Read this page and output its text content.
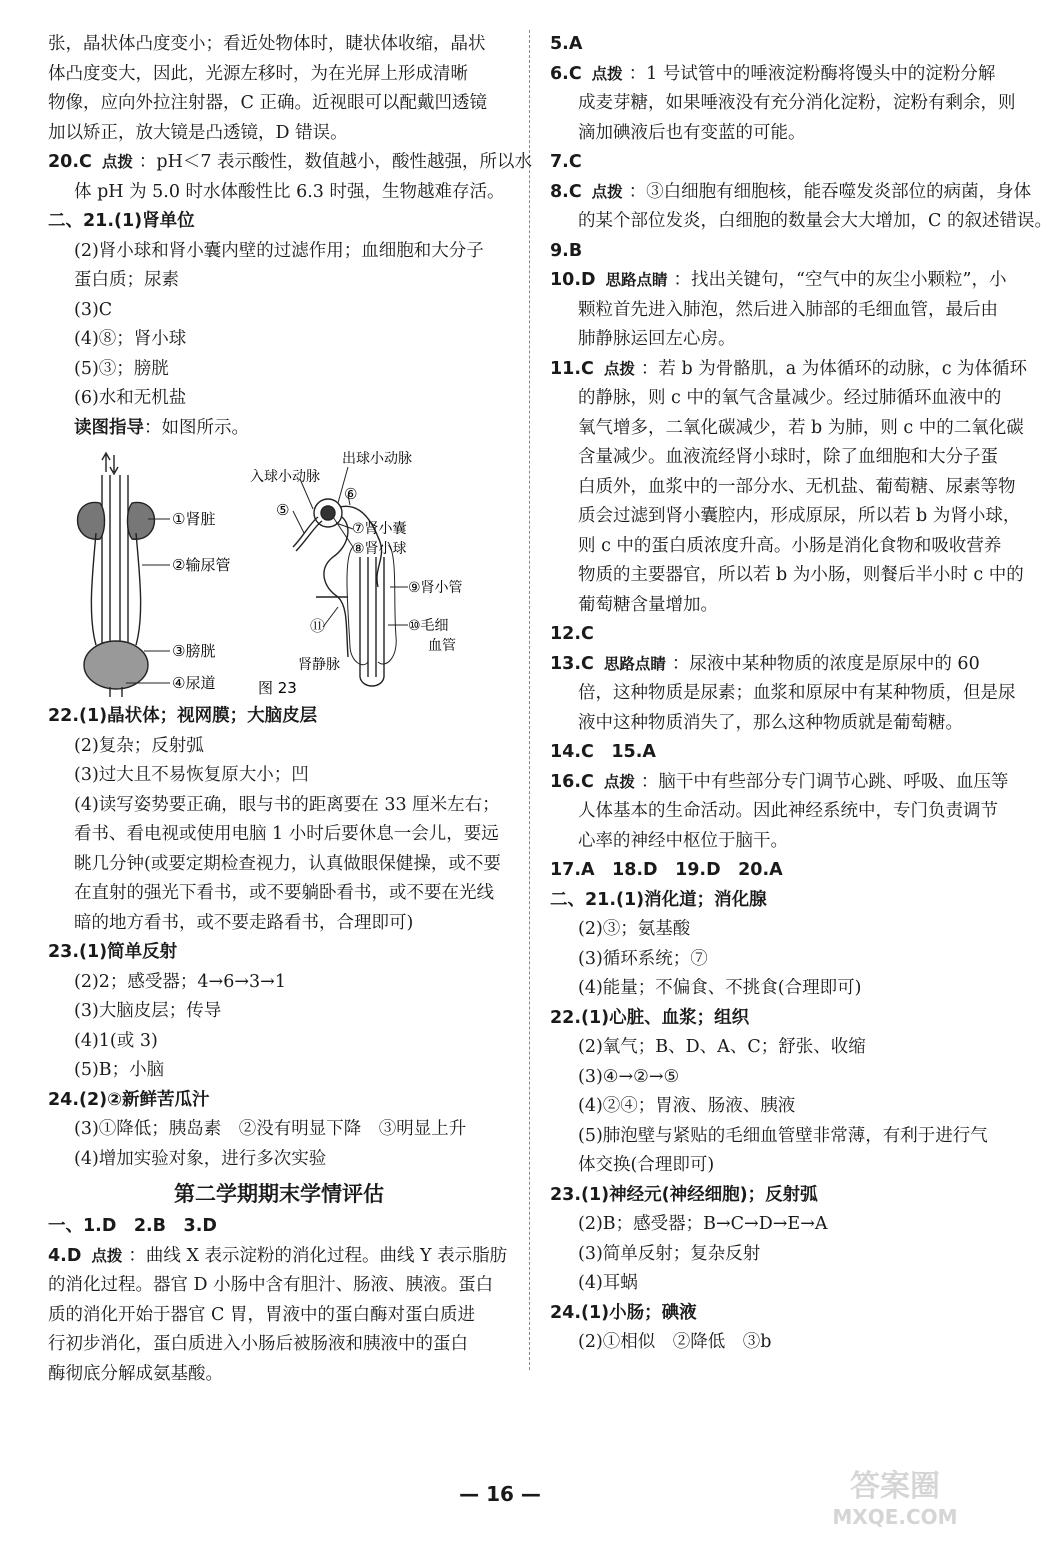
张，晶状体凸度变小；看近处物体时，睫状体收缩，晶状
体凸度变大，因此，光源左移时，为在光屏上形成清晰
物像，应向外拉注射器，C 正确。近视眼可以配戴凹透镜
加以矫正，放大镜是凸透镜，D 错误。
20.C 点拨 ：pH＜7 表示酸性，数值越小，酸性越强，所以水
体 pH 为 5.0 时水体酸性比 6.3 时强，生物越难存活。
二、21.(1)肾单位
(2)肾小球和肾小囊内壁的过滤作用；血细胞和大分子
蛋白质；尿素
(3)C
(4)⑧；肾小球
(5)③；膀胱
(6)水和无机盐
读图指导：如图所示。
①肾脏
②输尿管
③膀胱
④尿道
入球小动脉
出球小动脉
⑤
⑥
⑦肾小囊
⑧肾小球
⑨肾小管
⑩毛细
血管
⑪
肾静脉
图 23
22.(1)晶状体；视网膜；大脑皮层
(2)复杂；反射弧
(3)过大且不易恢复原大小；凹
(4)读写姿势要正确，眼与书的距离要在 33 厘米左右；
看书、看电视或使用电脑 1 小时后要休息一会儿，要远
眺几分钟(或要定期检查视力，认真做眼保健操，或不要
在直射的强光下看书，或不要躺卧看书，或不要在光线
暗的地方看书，或不要走路看书，合理即可)
23.(1)简单反射
(2)2；感受器；4→6→3→1
(3)大脑皮层；传导
(4)1(或 3)
(5)B；小脑
24.(2)②新鲜苦瓜汁
(3)①降低；胰岛素　②没有明显下降　③明显上升
(4)增加实验对象，进行多次实验
第二学期期末学情评估
一、1.D　2.B　3.D
4.D 点拨 ：曲线 X 表示淀粉的消化过程。曲线 Y 表示脂肪
的消化过程。器官 D 小肠中含有胆汁、肠液、胰液。蛋白
质的消化开始于器官 C 胃，胃液中的蛋白酶对蛋白质进
行初步消化，蛋白质进入小肠后被肠液和胰液中的蛋白
酶彻底分解成氨基酸。
5.A
6.C 点拨 ：1 号试管中的唾液淀粉酶将馒头中的淀粉分解
成麦芽糖，如果唾液没有充分消化淀粉，淀粉有剩余，则
滴加碘液后也有变蓝的可能。
7.C
8.C 点拨 ：③白细胞有细胞核，能吞噬发炎部位的病菌，身体
的某个部位发炎，白细胞的数量会大大增加，C 的叙述错误。
9.B
10.D 思路点睛 ：找出关键句，“空气中的灰尘小颗粒”，小
颗粒首先进入肺泡，然后进入肺部的毛细血管，最后由
肺静脉运回左心房。
11.C 点拨 ：若 b 为骨骼肌，a 为体循环的动脉，c 为体循环
的静脉，则 c 中的氧气含量减少。经过肺循环血液中的
氧气增多，二氧化碳减少，若 b 为肺，则 c 中的二氧化碳
含量减少。血液流经肾小球时，除了血细胞和大分子蛋
白质外，血浆中的一部分水、无机盐、葡萄糖、尿素等物
质会过滤到肾小囊腔内，形成原尿，所以若 b 为肾小球，
则 c 中的蛋白质浓度升高。小肠是消化食物和吸收营养
物质的主要器官，所以若 b 为小肠，则餐后半小时 c 中的
葡萄糖含量增加。
12.C
13.C 思路点睛 ：尿液中某种物质的浓度是原尿中的 60
倍，这种物质是尿素；血浆和原尿中有某种物质，但是尿
液中这种物质消失了，那么这种物质就是葡萄糖。
14.C　15.A
16.C 点拨 ：脑干中有些部分专门调节心跳、呼吸、血压等
人体基本的生命活动。因此神经系统中，专门负责调节
心率的神经中枢位于脑干。
17.A　18.D　19.D　20.A
二、21.(1)消化道；消化腺
(2)③；氨基酸
(3)循环系统；⑦
(4)能量；不偏食、不挑食(合理即可)
22.(1)心脏、血浆；组织
(2)氧气；B、D、A、C；舒张、收缩
(3)④→②→⑤
(4)②④；胃液、肠液、胰液
(5)肺泡壁与紧贴的毛细血管壁非常薄，有利于进行气
体交换(合理即可)
23.(1)神经元(神经细胞)；反射弧
(2)B；感受器；B→C→D→E→A
(3)简单反射；复杂反射
(4)耳蜗
24.(1)小肠；碘液
(2)①相似　②降低　③b
— 16 —	答案圈
MXQE.COM
